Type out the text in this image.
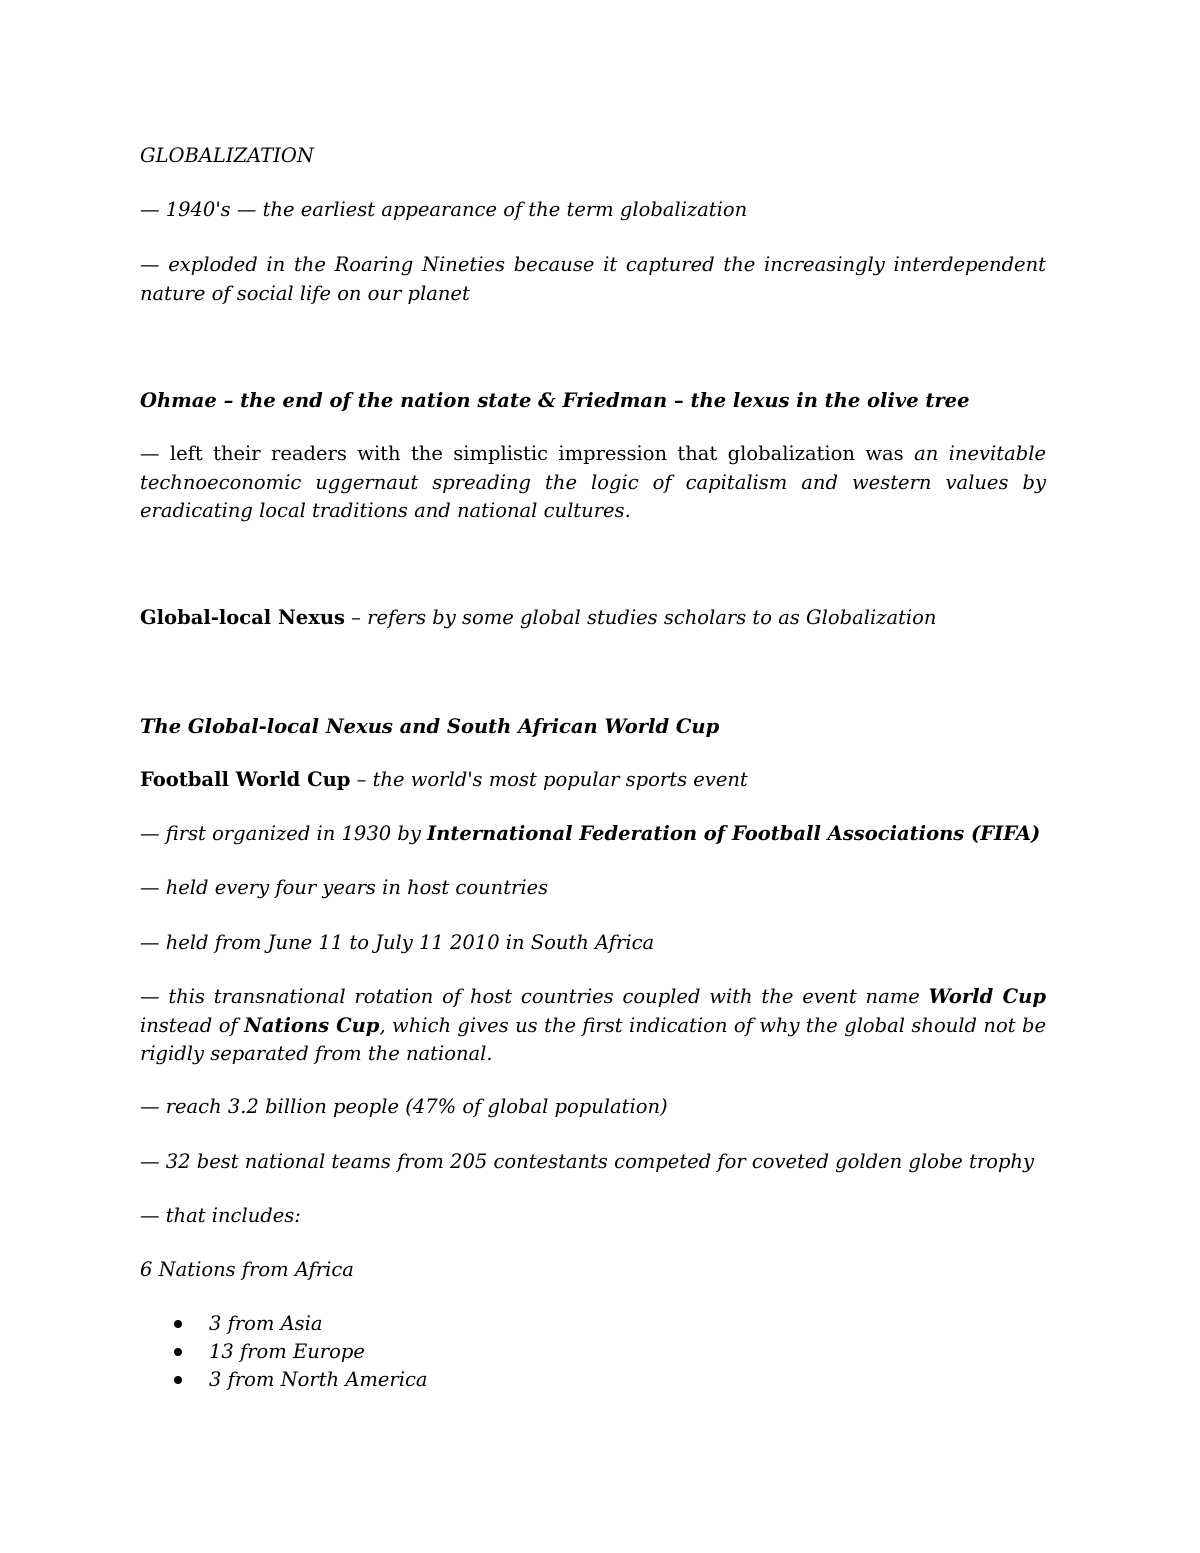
GLOBALIZATION

— 1940's — the earliest appearance of the term globalization

— exploded in the Roaring Nineties because it captured the increasingly interdependent nature of social life on our planet

Ohmae – the end of the nation state & Friedman – the lexus in the olive tree

— left their readers with the simplistic impression that globalization was an inevitable technoeconomic uggernaut spreading the logic of capitalism and western values by eradicating local traditions and national cultures.

Global-local Nexus – refers by some global studies scholars to as Globalization

The Global-local Nexus and South African World Cup

Football World Cup – the world's most popular sports event

— first organized in 1930 by International Federation of Football Associations (FIFA)

— held every four years in host countries

— held from June 11 to July 11 2010 in South Africa

— this transnational rotation of host countries coupled with the event name World Cup instead of Nations Cup, which gives us the first indication of why the global should not be rigidly separated from the national.

— reach 3.2 billion people (47% of global population)

— 32 best national teams from 205 contestants competed for coveted golden globe trophy

— that includes:

6 Nations from Africa

3 from Asia
13 from Europe
3 from North America
